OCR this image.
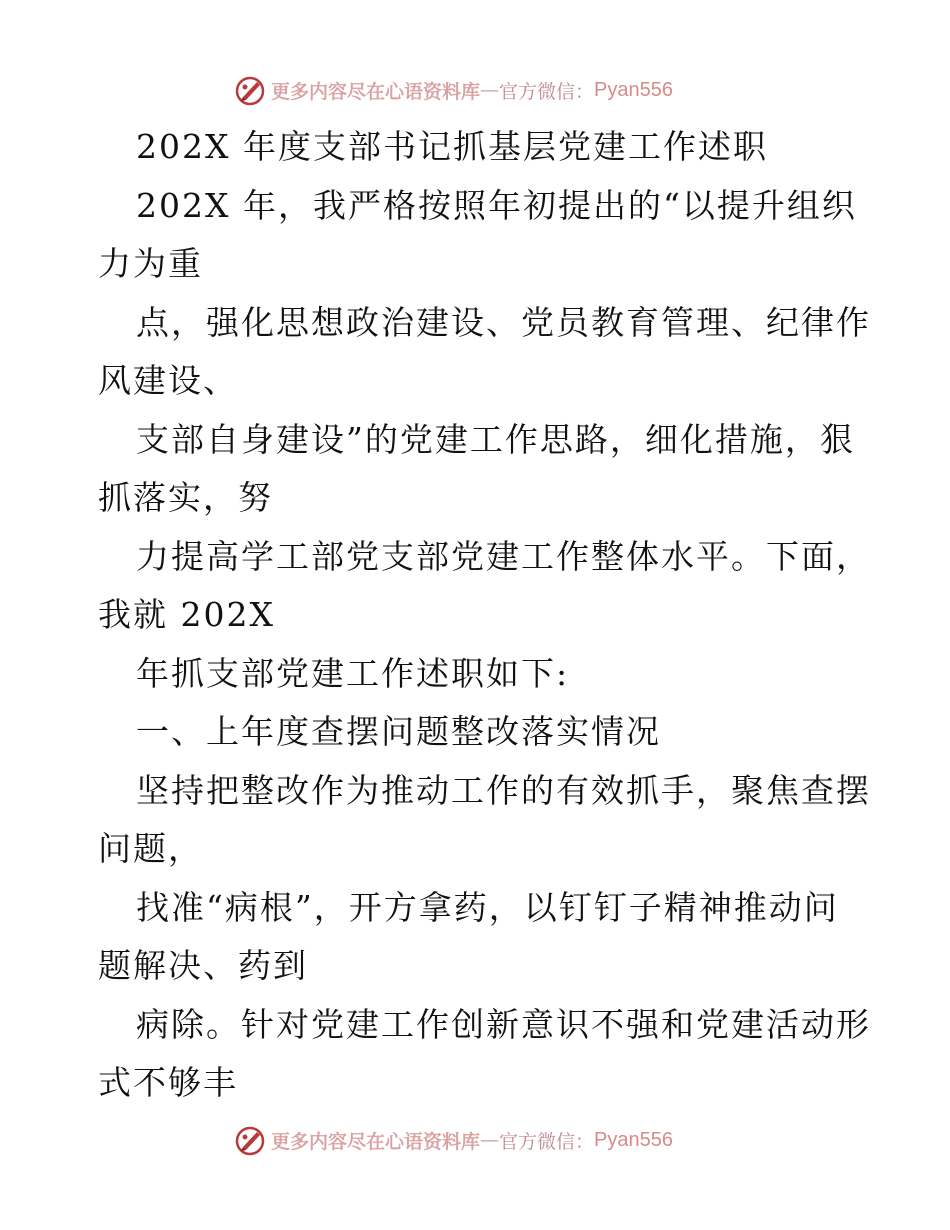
更多内容尽在心语资料库 — 官方微信： Pyan556
202X 年度支部书记抓基层党建工作述职
202X 年，我严格按照年初提出的“以提升组织
力为重
点，强化思想政治建设、党员教育管理、纪律作
风建设、
支部自身建设”的党建工作思路，细化措施，狠
抓落实，努
力提高学工部党支部党建工作整体水平。下面，
我就 202X
年抓支部党建工作述职如下:
一、上年度查摆问题整改落实情况
坚持把整改作为推动工作的有效抓手，聚焦查摆
问题，
找准“病根”，开方拿药，以钉钉子精神推动问
题解决、药到
病除。针对党建工作创新意识不强和党建活动形
式不够丰
更多内容尽在心语资料库 — 官方微信： Pyan556
